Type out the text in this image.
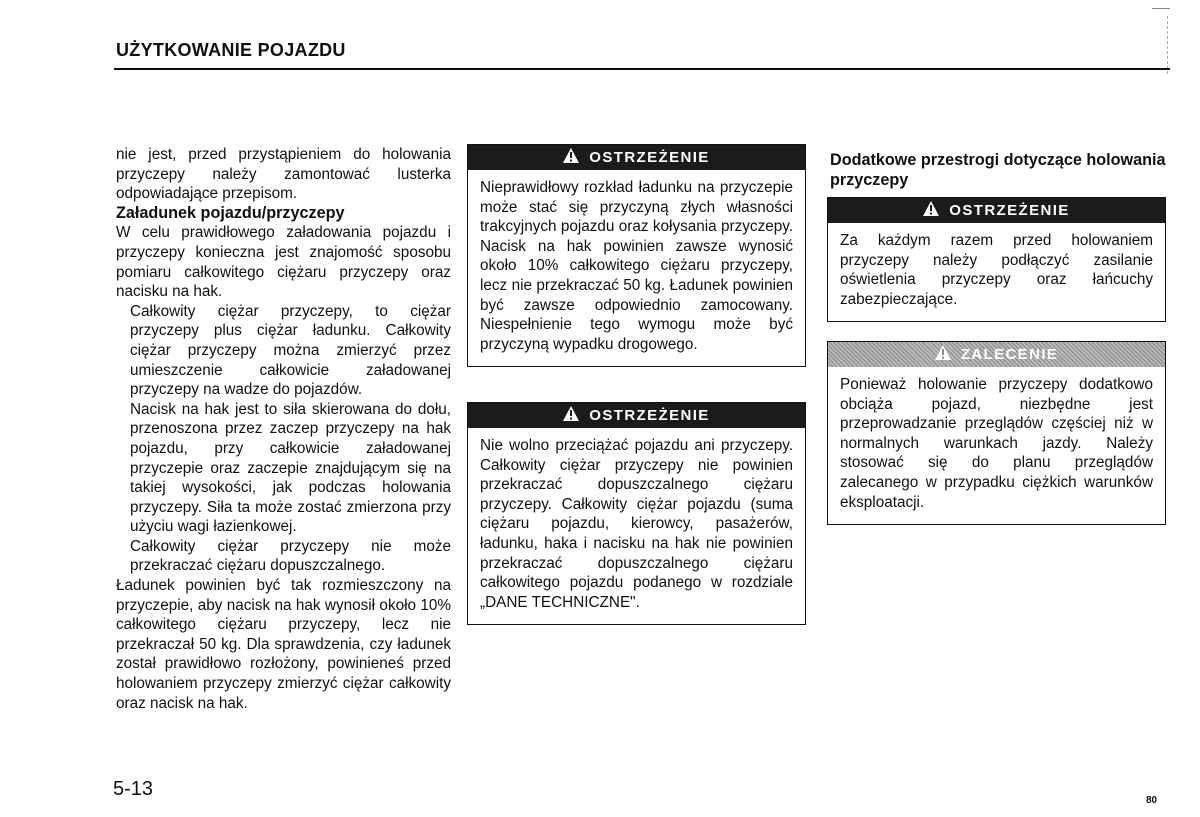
UŻYTKOWANIE POJAZDU

nie jest, przed przystąpieniem do holowania przyczepy należy zamontować lusterka odpowiadające przepisom.

Załadunek pojazdu/przyczepy

W celu prawidłowego załadowania pojazdu i przyczepy konieczna jest znajomość sposobu pomiaru całkowitego ciężaru przyczepy oraz nacisku na hak.

Całkowity ciężar przyczepy, to ciężar przyczepy plus ciężar ładunku. Całkowity ciężar przyczepy można zmierzyć przez umieszczenie całkowicie załadowanej przyczepy na wadze do pojazdów.

Nacisk na hak jest to siła skierowana do dołu, przenoszona przez zaczep przyczepy na hak pojazdu, przy całkowicie załadowanej przyczepie oraz zaczepie znajdującym się na takiej wysokości, jak podczas holowania przyczepy. Siła ta może zostać zmierzona przy użyciu wagi łazienkowej.

Całkowity ciężar przyczepy nie może przekraczać ciężaru dopuszczalnego.

Ładunek powinien być tak rozmieszczony na przyczepie, aby nacisk na hak wynosił około 10% całkowitego ciężaru przyczepy, lecz nie przekraczał 50 kg. Dla sprawdzenia, czy ładunek został prawidłowo rozłożony, powinieneś przed holowaniem przyczepy zmierzyć ciężar całkowity oraz nacisk na hak.

OSTRZEŻENIE
Nieprawidłowy rozkład ładunku na przyczepie może stać się przyczyną złych własności trakcyjnych pojazdu oraz kołysania przyczepy. Nacisk na hak powinien zawsze wynosić około 10% całkowitego ciężaru przyczepy, lecz nie przekraczać 50 kg. Ładunek powinien być zawsze odpowiednio zamocowany. Niespełnienie tego wymogu może być przyczyną wypadku drogowego.
OSTRZEŻENIE
Nie wolno przeciążać pojazdu ani przyczepy. Całkowity ciężar przyczepy nie powinien przekraczać dopuszczalnego ciężaru przyczepy. Całkowity ciężar pojazdu (suma ciężaru pojazdu, kierowcy, pasażerów, ładunku, haka i nacisku na hak nie powinien przekraczać dopuszczalnego ciężaru całkowitego pojazdu podanego w rozdziale „DANE TECHNICZNE".
Dodatkowe przestrogi dotyczące holowania przyczepy
OSTRZEŻENIE
Za każdym razem przed holowaniem przyczepy należy podłączyć zasilanie oświetlenia przyczepy oraz łańcuchy zabezpieczające.
ZALECENIE
Ponieważ holowanie przyczepy dodatkowo obciąża pojazd, niezbędne jest przeprowadzanie przeglądów częściej niż w normalnych warunkach jazdy. Należy stosować się do planu przeglądów zalecanego w przypadku ciężkich warunków eksploatacji.
5-13
80
